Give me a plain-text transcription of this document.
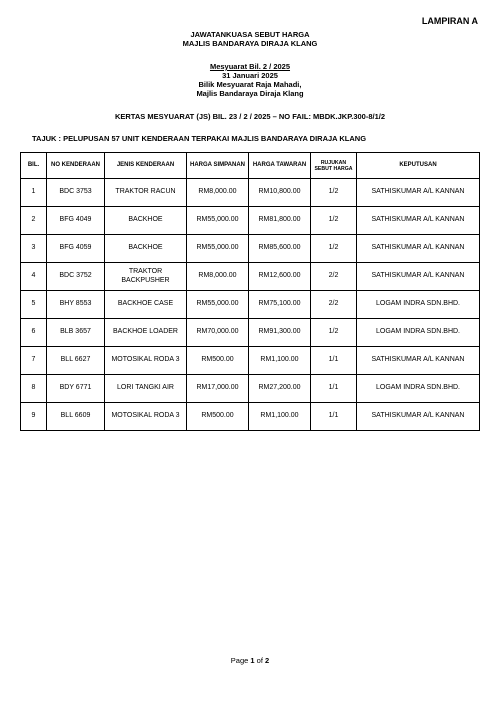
LAMPIRAN A
JAWATANKUASA SEBUT HARGA
MAJLIS BANDARAYA DIRAJA KLANG
Mesyuarat Bil. 2 / 2025
31 Januari 2025
Bilik Mesyuarat Raja Mahadi,
Majlis Bandaraya Diraja Klang
KERTAS MESYUARAT (JS) BIL. 23 / 2 / 2025 – NO FAIL: MBDK.JKP.300-8/1/2
TAJUK : PELUPUSAN 57 UNIT KENDERAAN TERPAKAI MAJLIS BANDARAYA DIRAJA KLANG
BIL.	NO KENDERAAN	JENIS KENDERAAN	HARGA SIMPANAN	HARGA TAWARAN	RUJUKAN SEBUT HARGA	KEPUTUSAN
1	BDC 3753	TRAKTOR RACUN	RM8,000.00	RM10,800.00	1/2	SATHISKUMAR A/L KANNAN
2	BFG 4049	BACKHOE	RM55,000.00	RM81,800.00	1/2	SATHISKUMAR A/L KANNAN
3	BFG 4059	BACKHOE	RM55,000.00	RM85,600.00	1/2	SATHISKUMAR A/L KANNAN
4	BDC 3752	TRAKTOR BACKPUSHER	RM8,000.00	RM12,600.00	2/2	SATHISKUMAR A/L KANNAN
5	BHY 8553	BACKHOE CASE	RM55,000.00	RM75,100.00	2/2	LOGAM INDRA SDN.BHD.
6	BLB 3657	BACKHOE LOADER	RM70,000.00	RM91,300.00	1/2	LOGAM INDRA SDN.BHD.
7	BLL 6627	MOTOSIKAL RODA 3	RM500.00	RM1,100.00	1/1	SATHISKUMAR A/L KANNAN
8	BDY 6771	LORI TANGKI AIR	RM17,000.00	RM27,200.00	1/1	LOGAM INDRA SDN.BHD.
9	BLL 6609	MOTOSIKAL RODA 3	RM500.00	RM1,100.00	1/1	SATHISKUMAR A/L KANNAN
Page 1 of 2
